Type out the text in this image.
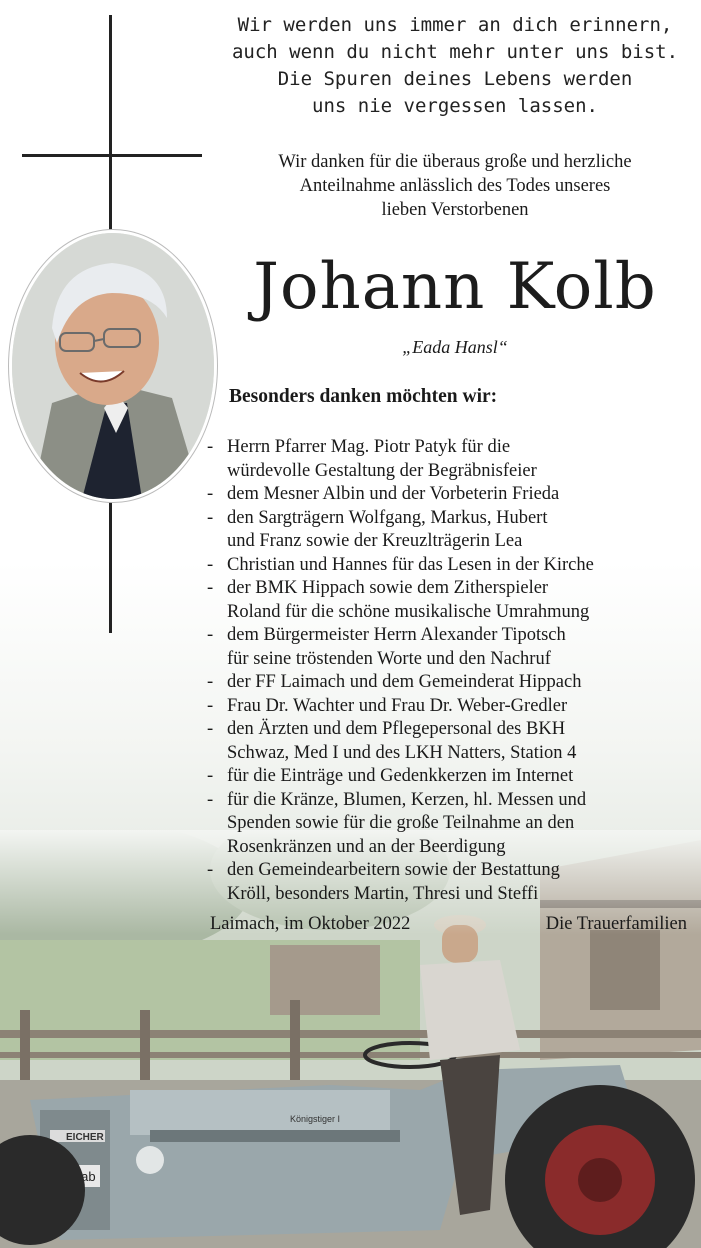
Wir werden uns immer an dich erinnern,
auch wenn du nicht mehr unter uns bist.
Die Spuren deines Lebens werden
uns nie vergessen lassen.
Wir danken für die überaus große und herzliche
Anteilnahme anlässlich des Todes unseres
lieben Verstorbenen
Johann Kolb
„Eada Hansl“
Besonders danken möchten wir:
- Herrn Pfarrer Mag. Piotr Patyk für die
würdevolle Gestaltung der Begräbnisfeier
- dem Mesner Albin und der Vorbeterin Frieda
- den Sargträgern Wolfgang, Markus, Hubert
und Franz sowie der Kreuzlträgerin Lea
- Christian und Hannes für das Lesen in der Kirche
- der BMK Hippach sowie dem Zitherspieler
Roland für die schöne musikalische Umrahmung
- dem Bürgermeister Herrn Alexander Tipotsch
für seine tröstenden Worte und den Nachruf
- der FF Laimach und dem Gemeinderat Hippach
- Frau Dr. Wachter und Frau Dr. Weber-Gredler
- den Ärzten und dem Pflegepersonal des BKH
Schwaz, Med I und des LKH Natters, Station 4
- für die Einträge und Gedenkkerzen im Internet
- für die Kränze, Blumen, Kerzen, hl. Messen und
Spenden sowie für die große Teilnahme an den
Rosenkränzen und an der Beerdigung
- den Gemeindearbeitern sowie der Bestattung
Kröll, besonders Martin, Thresi und Steffi
Laimach, im Oktober 2022	Die Trauerfamilien
